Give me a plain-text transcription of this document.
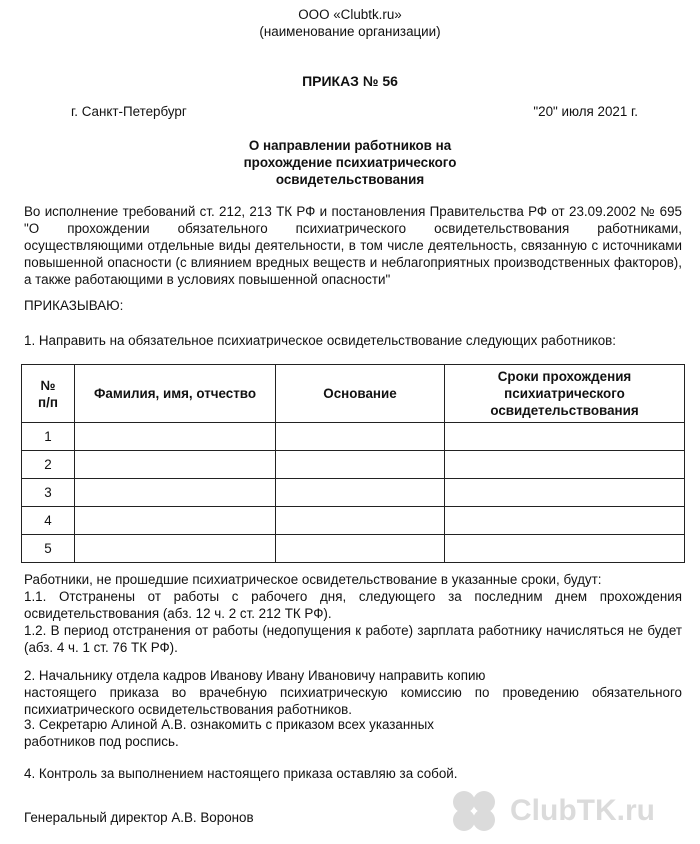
ООО «Clubtk.ru»
(наименование организации)
ПРИКАЗ № 56
г. Санкт-Петербург	"20" июля 2021 г.
О направлении работников на
прохождение психиатрического
освидетельствования
Во исполнение требований ст. 212, 213 ТК РФ и постановления Правительства РФ от 23.09.2002 № 695 "О прохождении обязательного психиатрического освидетельствования работниками, осуществляющими отдельные виды деятельности, в том числе деятельность, связанную с источниками повышенной опасности (с влиянием вредных веществ и неблагоприятных производственных факторов), а также работающими в условиях повышенной опасности"
ПРИКАЗЫВАЮ:
1. Направить на обязательное психиатрическое освидетельствование следующих работников:
№
п/п	Фамилия, имя, отчество	Основание	Сроки прохождения психиатрического освидетельствования
1			
2			
3			
4			
5			
Работники, не прошедшие психиатрическое освидетельствование в указанные сроки, будут:
1.1. Отстранены от работы с рабочего дня, следующего за последним днем прохождения освидетельствования (абз. 12 ч. 2 ст. 212 ТК РФ).
1.2. В период отстранения от работы (недопущения к работе) зарплата работнику начисляться не будет (абз. 4 ч. 1 ст. 76 ТК РФ).
2. Начальнику отдела кадров Иванову Ивану Ивановичу направить копию
настоящего приказа во врачебную психиатрическую комиссию по проведению обязательного психиатрического освидетельствования работников.
3. Секретарю Алиной А.В. ознакомить с приказом всех указанных
работников под роспись.
4. Контроль за выполнением настоящего приказа оставляю за собой.
Генеральный директор А.В. Воронов	ClubTK.ru
